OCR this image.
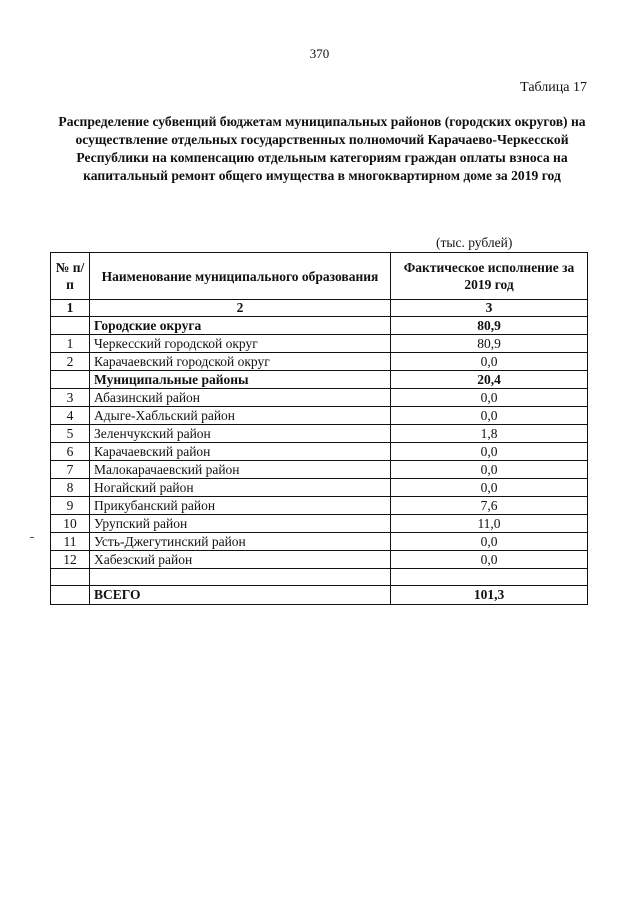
370
Таблица 17
Распределение субвенций бюджетам муниципальных районов (городских округов) на осуществление отдельных государственных полномочий Карачаево-Черкесской Республики на компенсацию отдельным категориям граждан оплаты взноса на капитальный ремонт общего имущества в многоквартирном доме за 2019 год
(тыс. рублей)
№ п/п	Наименование муниципального образования	Фактическое исполнение за 2019 год
1	2	3
	Городские округа	80,9
1	Черкесский городской округ	80,9
2	Карачаевский городской округ	0,0
	Муниципальные районы	20,4
3	Абазинский район	0,0
4	Адыге-Хабльский район	0,0
5	Зеленчукский район	1,8
6	Карачаевский район	0,0
7	Малокарачаевский район	0,0
8	Ногайский район	0,0
9	Прикубанский район	7,6
10	Урупский район	11,0
11	Усть-Джегутинский район	0,0
12	Хабезский район	0,0

	ВСЕГО	101,3
